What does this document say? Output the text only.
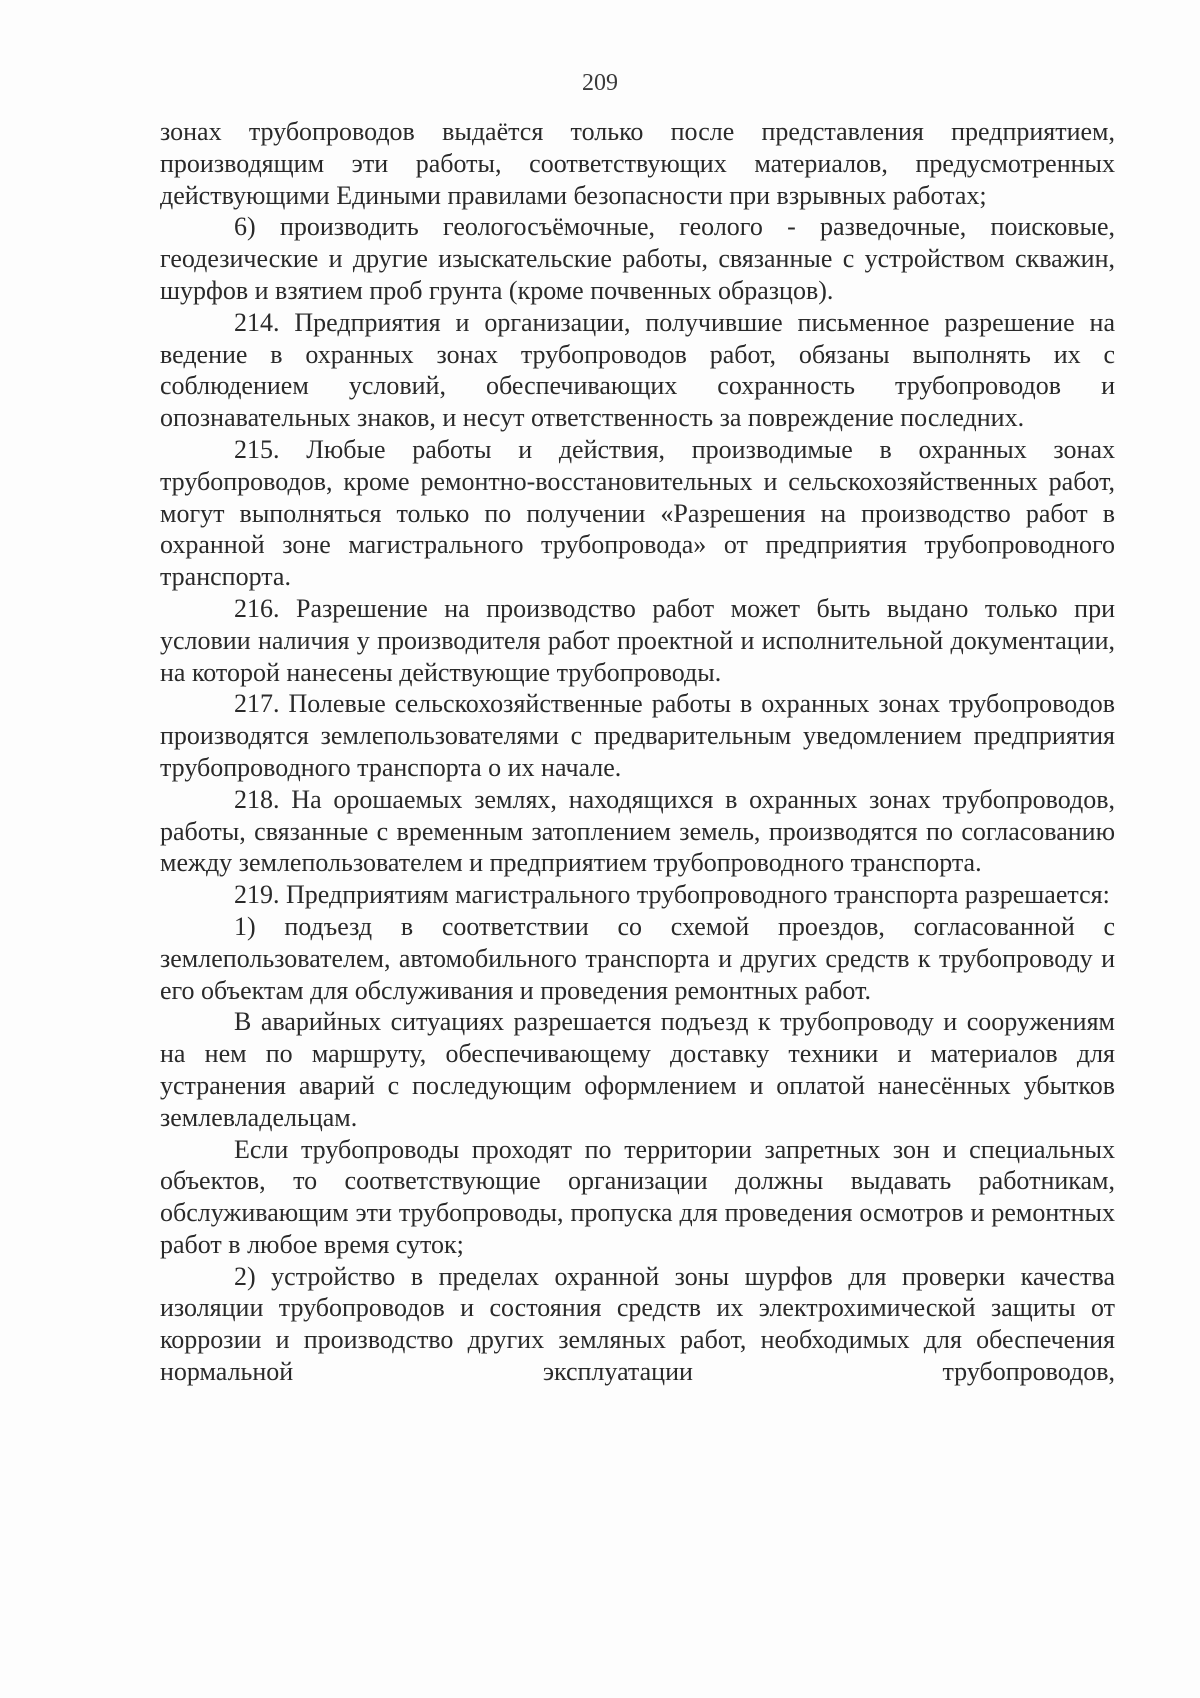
209

зонах трубопроводов выдаётся только после представления предприятием, производящим эти работы, соответствующих материалов, предусмотренных действующими Едиными правилами безопасности при взрывных работах;

6) производить геологосъёмочные, геолого - разведочные, поисковые, геодезические и другие изыскательские работы, связанные с устройством скважин, шурфов и взятием проб грунта (кроме почвенных образцов).

214. Предприятия и организации, получившие письменное разрешение на ведение в охранных зонах трубопроводов работ, обязаны выполнять их с соблюдением условий, обеспечивающих сохранность трубопроводов и опознавательных знаков, и несут ответственность за повреждение последних.

215. Любые работы и действия, производимые в охранных зонах трубопроводов, кроме ремонтно-восстановительных и сельскохозяйственных работ, могут выполняться только по получении «Разрешения на производство работ в охранной зоне магистрального трубопровода» от предприятия трубопроводного транспорта.

216. Разрешение на производство работ может быть выдано только при условии наличия у производителя работ проектной и исполнительной документации, на которой нанесены действующие трубопроводы.

217. Полевые сельскохозяйственные работы в охранных зонах трубопроводов производятся землепользователями с предварительным уведомлением предприятия трубопроводного транспорта о их начале.

218. На орошаемых землях, находящихся в охранных зонах трубопроводов, работы, связанные с временным затоплением земель, производятся по согласованию между землепользователем и предприятием трубопроводного транспорта.

219. Предприятиям магистрального трубопроводного транспорта разрешается:

1) подъезд в соответствии со схемой проездов, согласованной с землепользователем, автомобильного транспорта и других средств к трубопроводу и его объектам для обслуживания и проведения ремонтных работ.

В аварийных ситуациях разрешается подъезд к трубопроводу и сооружениям на нем по маршруту, обеспечивающему доставку техники и материалов для устранения аварий с последующим оформлением и оплатой нанесённых убытков землевладельцам.

Если трубопроводы проходят по территории запретных зон и специальных объектов, то соответствующие организации должны выдавать работникам, обслуживающим эти трубопроводы, пропуска для проведения осмотров и ремонтных работ в любое время суток;

2) устройство в пределах охранной зоны шурфов для проверки качества изоляции трубопроводов и состояния средств их электрохимической защиты от коррозии и производство других земляных работ, необходимых для обеспечения нормальной эксплуатации трубопроводов,
